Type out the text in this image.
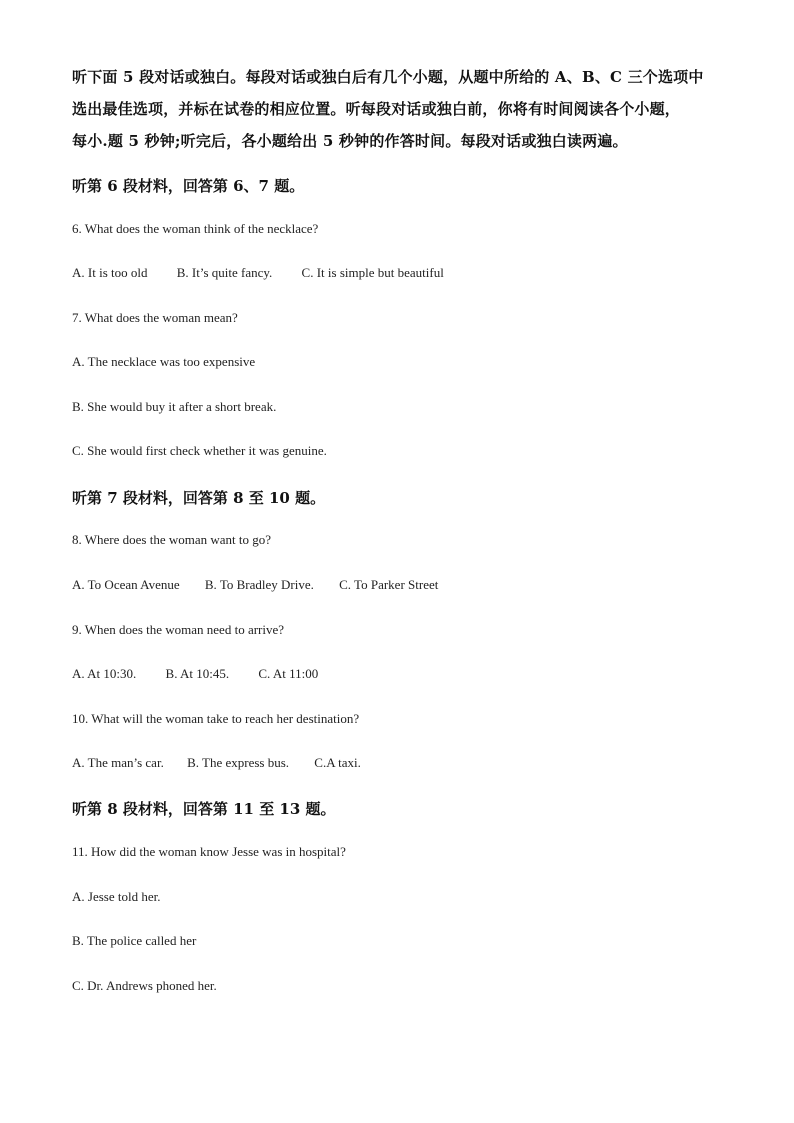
听下面 5 段对话或独白。每段对话或独白后有几个小题，从题中所给的 A、B、C 三个选项中
选出最佳选项，并标在试卷的相应位置。听每段对话或独白前，你将有时间阅读各个小题，
每小.题 5 秒钟;听完后，各小题给出 5 秒钟的作答时间。每段对话或独白读两遍。
听第 6 段材料，回答第 6、7 题。
6. What does the woman think of the necklace?
A. It is too old B. It’s quite fancy. C. It is simple but beautiful
7. What does the woman mean?
A. The necklace was too expensive
B. She would buy it after a short break.
C. She would first check whether it was genuine.
听第 7 段材料，回答第 8 至 10 题。
8. Where does the woman want to go?
A. To Ocean Avenue B. To Bradley Drive. C. To Parker Street
9. When does the woman need to arrive?
A. At 10:30. B. At 10:45. C. At 11:00
10. What will the woman take to reach her destination?
A. The man’s car. B. The express bus. C.A taxi.
听第 8 段材料，回答第 11 至 13 题。
11. How did the woman know Jesse was in hospital?
A. Jesse told her.
B. The police called her
C. Dr. Andrews phoned her.
